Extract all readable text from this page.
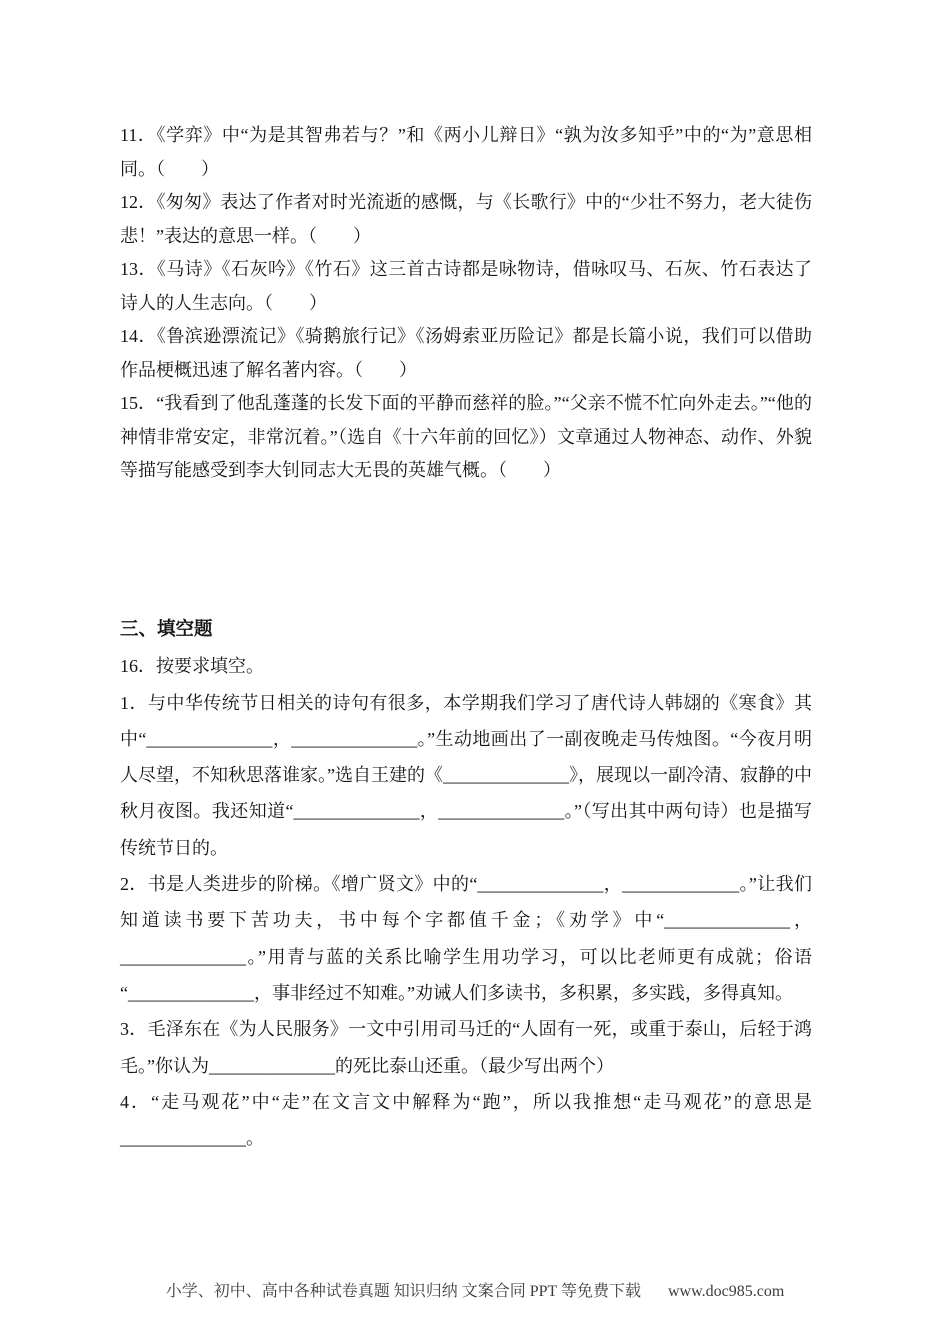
11．《学弈》中“为是其智弗若与？”和《两小儿辩日》“孰为汝多知乎”中的“为”意思相同。（　　）

12．《匆匆》表达了作者对时光流逝的感慨，与《长歌行》中的“少壮不努力，老大徒伤悲！”表达的意思一样。（　　）

13．《马诗》《石灰吟》《竹石》这三首古诗都是咏物诗，借咏叹马、石灰、竹石表达了诗人的人生志向。（　　）

14．《鲁滨逊漂流记》《骑鹅旅行记》《汤姆索亚历险记》都是长篇小说，我们可以借助作品梗概迅速了解名著内容。（　　）

15．“我看到了他乱蓬蓬的长发下面的平静而慈祥的脸。”“父亲不慌不忙向外走去。”“他的神情非常安定，非常沉着。”（选自《十六年前的回忆》）文章通过人物神态、动作、外貌等描写能感受到李大钊同志大无畏的英雄气概。（　　）

三、填空题

16．按要求填空。

1．与中华传统节日相关的诗句有很多，本学期我们学习了唐代诗人韩翃的《寒食》其中“______________，______________。”生动地画出了一副夜晚走马传烛图。“今夜月明人尽望，不知秋思落谁家。”选自王建的《______________》，展现以一副冷清、寂静的中秋月夜图。我还知道“______________，______________。”（写出其中两句诗）也是描写传统节日的。

2．书是人类进步的阶梯。《增广贤文》中的“______________，_____________。”让我们知道读书要下苦功夫，书中每个字都值千金；《劝学》中“______________，______________。”用青与蓝的关系比喻学生用功学习，可以比老师更有成就；俗语“______________，事非经过不知难。”劝诫人们多读书，多积累，多实践，多得真知。

3．毛泽东在《为人民服务》一文中引用司马迁的“人固有一死，或重于泰山，后轻于鸿毛。”你认为______________的死比泰山还重。（最少写出两个）

4．“走马观花”中“走”在文言文中解释为“跑”，所以我推想“走马观花”的意思是______________。

小学、初中、高中各种试卷真题 知识归纳 文案合同 PPT 等免费下载 www.doc985.com
